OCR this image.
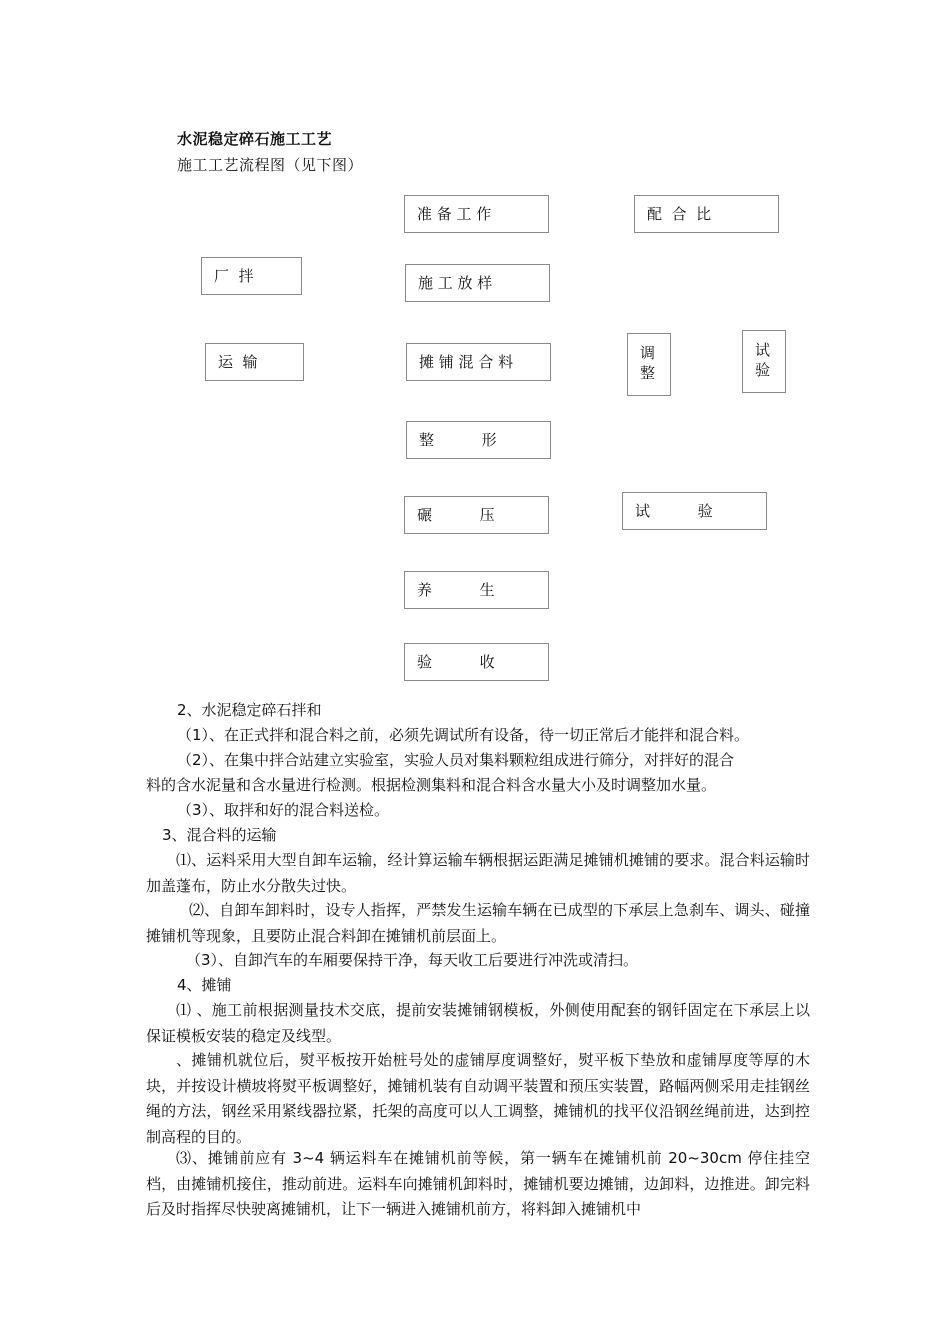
水泥稳定碎石施工工艺
施工工艺流程图（见下图）
准 备 工 作	配  合  比
厂  拌	施 工 放 样
运  输	摊 铺 混 合 料	调整
试验
整          形
碾          压	试          验
养          生
验          收
2、水泥稳定碎石拌和
（1）、在正式拌和混合料之前，必须先调试所有设备，待一切正常后才能拌和混合料。
（2）、在集中拌合站建立实验室，实验人员对集料颗粒组成进行筛分，对拌好的混合
料的含水泥量和含水量进行检测。根据检测集料和混合料含水量大小及时调整加水量。
（3）、取拌和好的混合料送检。
3、混合料的运输
⑴、运料采用大型自卸车运输，经计算运输车辆根据运距满足摊铺机摊铺的要求。混合料运输时加盖蓬布，防止水分散失过快。
⑵、自卸车卸料时，设专人指挥，严禁发生运输车辆在已成型的下承层上急刹车、调头、碰撞摊铺机等现象，且要防止混合料卸在摊铺机前层面上。
（3）、自卸汽车的车厢要保持干净，每天收工后要进行冲洗或清扫。
4、摊铺
⑴ 、施工前根据测量技术交底，提前安装摊铺钢模板，外侧使用配套的钢钎固定在下承层上以保证模板安装的稳定及线型。
、摊铺机就位后，熨平板按开始桩号处的虚铺厚度调整好，熨平板下垫放和虚铺厚度等厚的木块，并按设计横坡将熨平板调整好，摊铺机装有自动调平装置和预压实装置，路幅两侧采用走挂钢丝绳的方法，钢丝采用紧线器拉紧，托架的高度可以人工调整，摊铺机的找平仪沿钢丝绳前进，达到控制高程的目的。
⑶、摊铺前应有 3~4 辆运料车在摊铺机前等候，第一辆车在摊铺机前 20~30cm 停住挂空档，由摊铺机接住，推动前进。运料车向摊铺机卸料时，摊铺机要边摊铺，边卸料，边推进。卸完料后及时指挥尽快驶离摊铺机，让下一辆进入摊铺机前方，将料卸入摊铺机中
